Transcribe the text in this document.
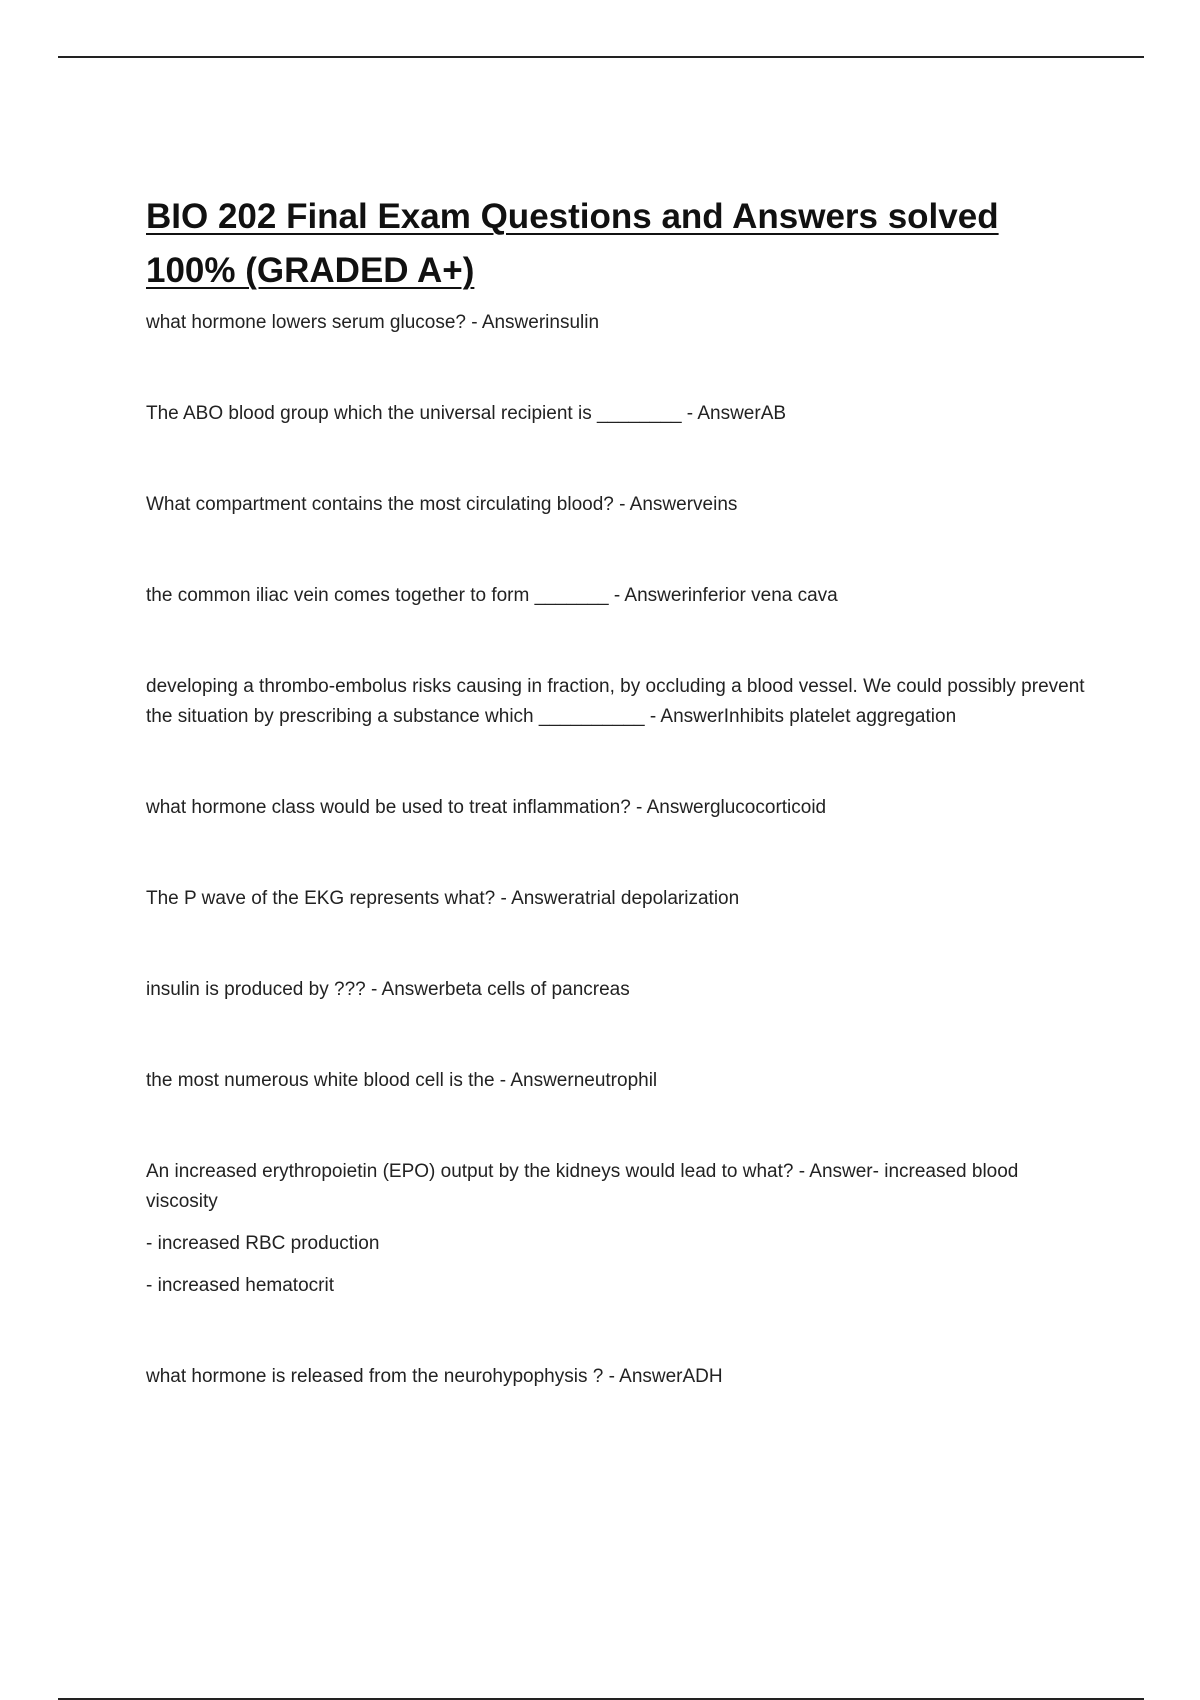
BIO 202 Final Exam Questions and Answers solved 100% (GRADED A+)

what hormone lowers serum glucose? - Answerinsulin

The ABO blood group which the universal recipient is ________ - AnswerAB

What compartment contains the most circulating blood? - Answerveins

the common iliac vein comes together to form _______ - Answerinferior vena cava

developing a thrombo-embolus risks causing in fraction, by occluding a blood vessel. We could possibly prevent the situation by prescribing a substance which __________ - AnswerInhibits platelet aggregation

what hormone class would be used to treat inflammation? - Answerglucocorticoid

The P wave of the EKG represents what? - Answeratrial depolarization

insulin is produced by ??? - Answerbeta cells of pancreas

the most numerous white blood cell is the - Answerneutrophil

An increased erythropoietin (EPO) output by the kidneys would lead to what? - Answer- increased blood viscosity

- increased RBC production

- increased hematocrit

what hormone is released from the neurohypophysis ? - AnswerADH
